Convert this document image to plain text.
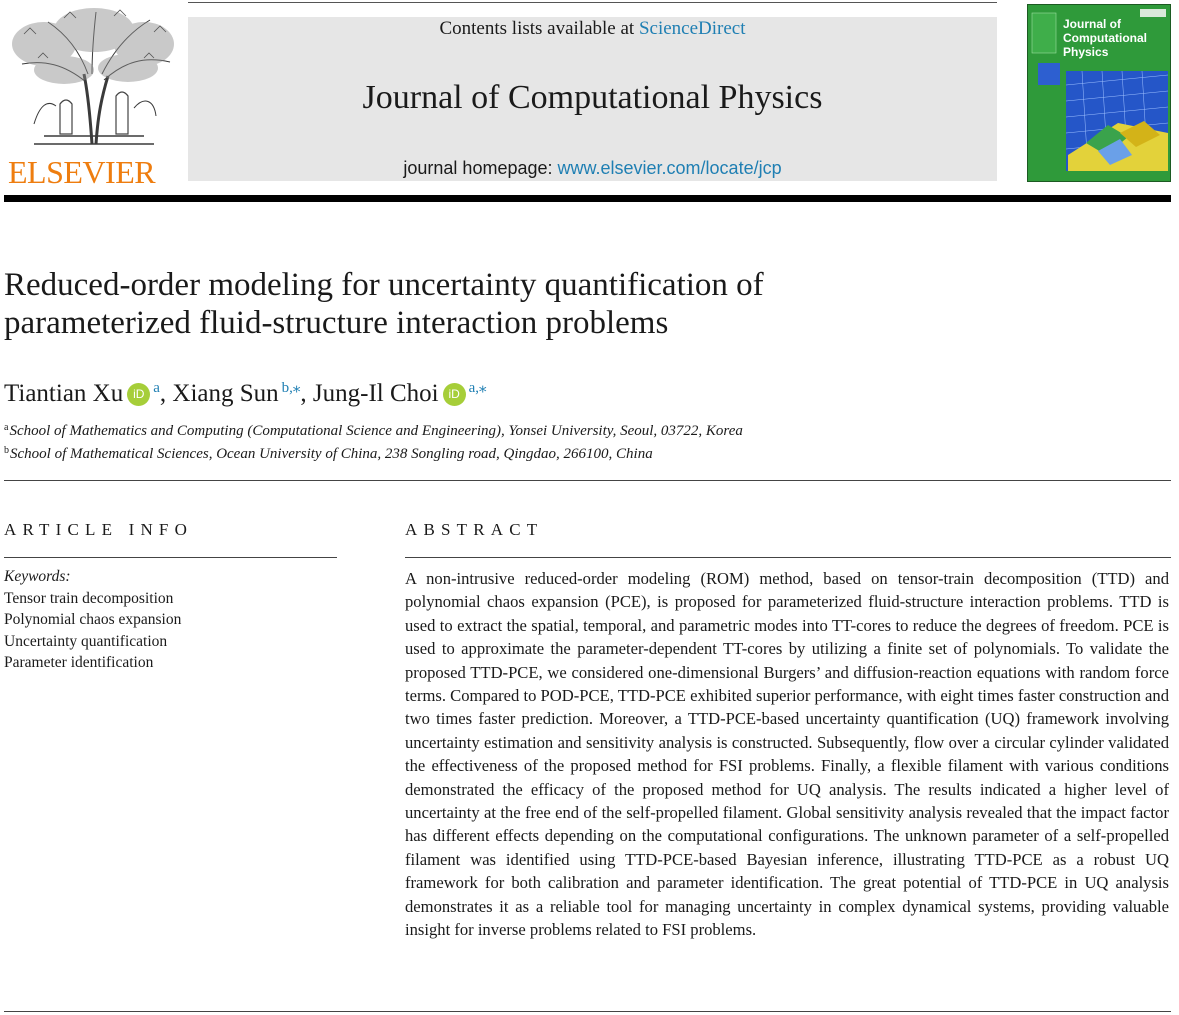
ELSEVIER
Contents lists available at ScienceDirect
Journal of Computational Physics
journal homepage: www.elsevier.com/locate/jcp
Journal of
Computational
Physics
Reduced-order modeling for uncertainty quantification of
parameterized fluid-structure interaction problems
Tiantian Xu iD $^a$, Xiang Sun $^{b,⁎}$, Jung-Il Choi iD $^{a,⁎}$
$^a$School of Mathematics and Computing (Computational Science and Engineering), Yonsei University, Seoul, 03722, Korea
$^b$School of Mathematical Sciences, Ocean University of China, 238 Songling road, Qingdao, 266100, China
ARTICLE INFO
Keywords:
Tensor train decomposition
Polynomial chaos expansion
Uncertainty quantification
Parameter identification
ABSTRACT

A non-intrusive reduced-order modeling (ROM) method, based on tensor-train decomposition (TTD) and polynomial chaos expansion (PCE), is proposed for parameterized fluid-structure interaction problems. TTD is used to extract the spatial, temporal, and parametric modes into TT-cores to reduce the degrees of freedom. PCE is used to approximate the parameter-dependent TT-cores by utilizing a finite set of polynomials. To validate the proposed TTD-PCE, we considered one-dimensional Burgers’ and diffusion-reaction equations with random force terms. Compared to POD-PCE, TTD-PCE exhibited superior performance, with eight times faster construction and two times faster prediction. Moreover, a TTD-PCE-based uncertainty quantification (UQ) framework involving uncertainty estimation and sensitivity analysis is constructed. Subsequently, flow over a circular cylinder validated the effectiveness of the proposed method for FSI problems. Finally, a flexible filament with various conditions demonstrated the efficacy of the proposed method for UQ analysis. The results indicated a higher level of uncertainty at the free end of the self-propelled filament. Global sensitivity analysis revealed that the impact factor has different effects depending on the computational configurations. The unknown parameter of a self-propelled filament was identified using TTD-PCE-based Bayesian inference, illustrating TTD-PCE as a robust UQ framework for both calibration and parameter identification. The great potential of TTD-PCE in UQ analysis demonstrates it as a reliable tool for managing uncertainty in complex dynamical systems, providing valuable insight for inverse problems related to FSI problems.
